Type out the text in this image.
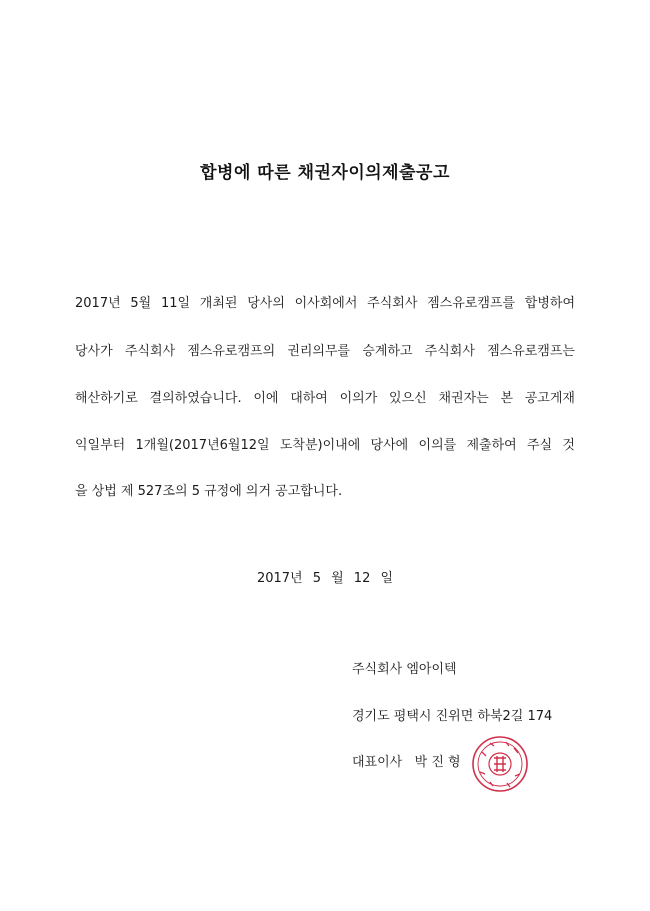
합병에 따른 채권자이의제출공고
2017년 5월 11일 개최된 당사의 이사회에서 주식회사 젬스유로캠프를 합병하여
당사가 주식회사 젬스유로캠프의 권리의무를 승계하고 주식회사 젬스유로캠프는
해산하기로 결의하였습니다. 이에 대하여 이의가 있으신 채권자는 본 공고게재
익일부터 1개월(2017년6월12일 도착분)이내에 당사에 이의를 제출하여 주실 것
을 상법 제 527조의 5 규정에 의거 공고합니다.
2017년 5 월 12 일
주식회사 엠아이텍
경기도 평택시 진위면 하북2길 174
대표이사   박 진 형
